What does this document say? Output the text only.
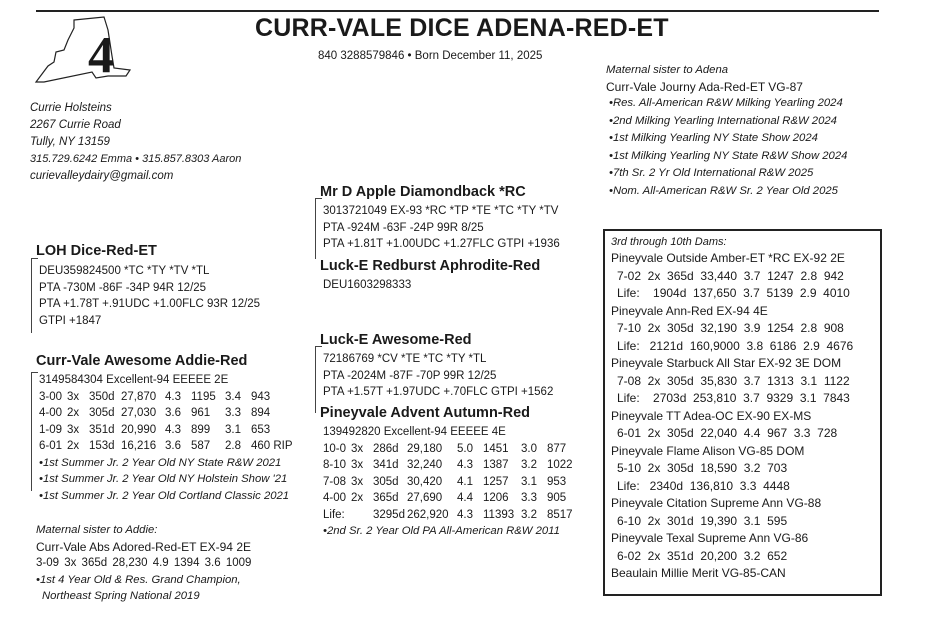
CURR-VALE DICE ADENA-RED-ET
840 3288579846 • Born December 11, 2025
4
Currie Holsteins
2267 Currie Road
Tully, NY 13159
315.729.6242 Emma • 315.857.8303 Aaron
curievalleydairy@gmail.com
LOH Dice-Red-ET
DEU359824500 *TC *TY *TV *TL
PTA -730M -86F -34P 94R 12/25
PTA +1.78T +.91UDC +1.00FLC 93R 12/25
GTPI +1847
Mr D Apple Diamondback *RC
3013721049 EX-93 *RC *TP *TE *TC *TY *TV
PTA -924M -63F -24P 99R 8/25
PTA +1.81T +1.00UDC +1.27FLC GTPI +1936
Luck-E Redburst Aphrodite-Red
DEU1603298333
Curr-Vale Awesome Addie-Red
3149584304 Excellent-94 EEEEE 2E
3-00 3x 350d 27,870 4.3 1195 3.4 943
4-00 2x 305d 27,030 3.6 961	3.3 894
1-09 3x 351d 20,990 4.3 899	3.1 653
6-01 2x 153d 16,216 3.6 587	2.8 460 RIP
•1st Summer Jr. 2 Year Old NY State R&W 2021
•1st Summer Jr. 2 Year Old NY Holstein Show '21
•1st Summer Jr. 2 Year Old Cortland Classic 2021
Maternal sister to Addie:
Curr-Vale Abs Adored-Red-ET EX-94 2E
3-09 3x 365d 28,230 4.9 1394 3.6 1009
•1st 4 Year Old & Res. Grand Champion,
Northeast Spring National 2019
Luck-E Awesome-Red
72186769 *CV *TE *TC *TY *TL
PTA -2024M -87F -70P 99R 12/25
PTA +1.57T +1.97UDC +.70FLC GTPI +1562
Pineyvale Advent Autumn-Red
139492820 Excellent-94 EEEEE 4E
10-0 3x 286d 29,180	5.0 1451	3.0 877
8-10 3x 341d 32,240	4.3 1387	3.2 1022
7-08 3x 305d 30,420	4.1 1257	3.1 953
4-00 2x 365d 27,690	4.4 1206	3.3 905
Life:	3295d 262,920 4.3 11393 3.2 8517
•2nd Sr. 2 Year Old PA All-American R&W 2011
Maternal sister to Adena
Curr-Vale Journy Ada-Red-ET VG-87
•Res. All-American R&W Milking Yearling 2024
•2nd Milking Yearling International R&W 2024
•1st Milking Yearling NY State Show 2024
•1st Milking Yearling NY State R&W Show 2024
•7th Sr. 2 Yr Old International R&W 2025
•Nom. All-American R&W Sr. 2 Year Old 2025
3rd through 10th Dams:
Pineyvale Outside Amber-ET *RC EX-92 2E
7-02  2x  365d  33,440  3.7  1247  2.8  942
Life:    1904d  137,650  3.7  5139  2.9  4010
Pineyvale Ann-Red EX-94 4E
7-10  2x  305d  32,190  3.9  1254  2.8  908
Life:   2121d  160,9000  3.8  6186  2.9  4676
Pineyvale Starbuck All Star EX-92 3E DOM
7-08  2x  305d  35,830  3.7  1313  3.1  1122
Life:    2703d  253,810  3.7  9329  3.1  7843
Pineyvale TT Adea-OC EX-90 EX-MS
6-01  2x  305d  22,040  4.4  967  3.3  728
Pineyvale Flame Alison VG-85 DOM
5-10  2x  305d  18,590  3.2  703
Life:   2340d  136,810  3.3  4448
Pineyvale Citation Supreme Ann VG-88
6-10  2x  301d  19,390  3.1  595
Pineyvale Texal Supreme Ann VG-86
6-02  2x  351d  20,200  3.2  652
Beaulain Millie Merit VG-85-CAN
